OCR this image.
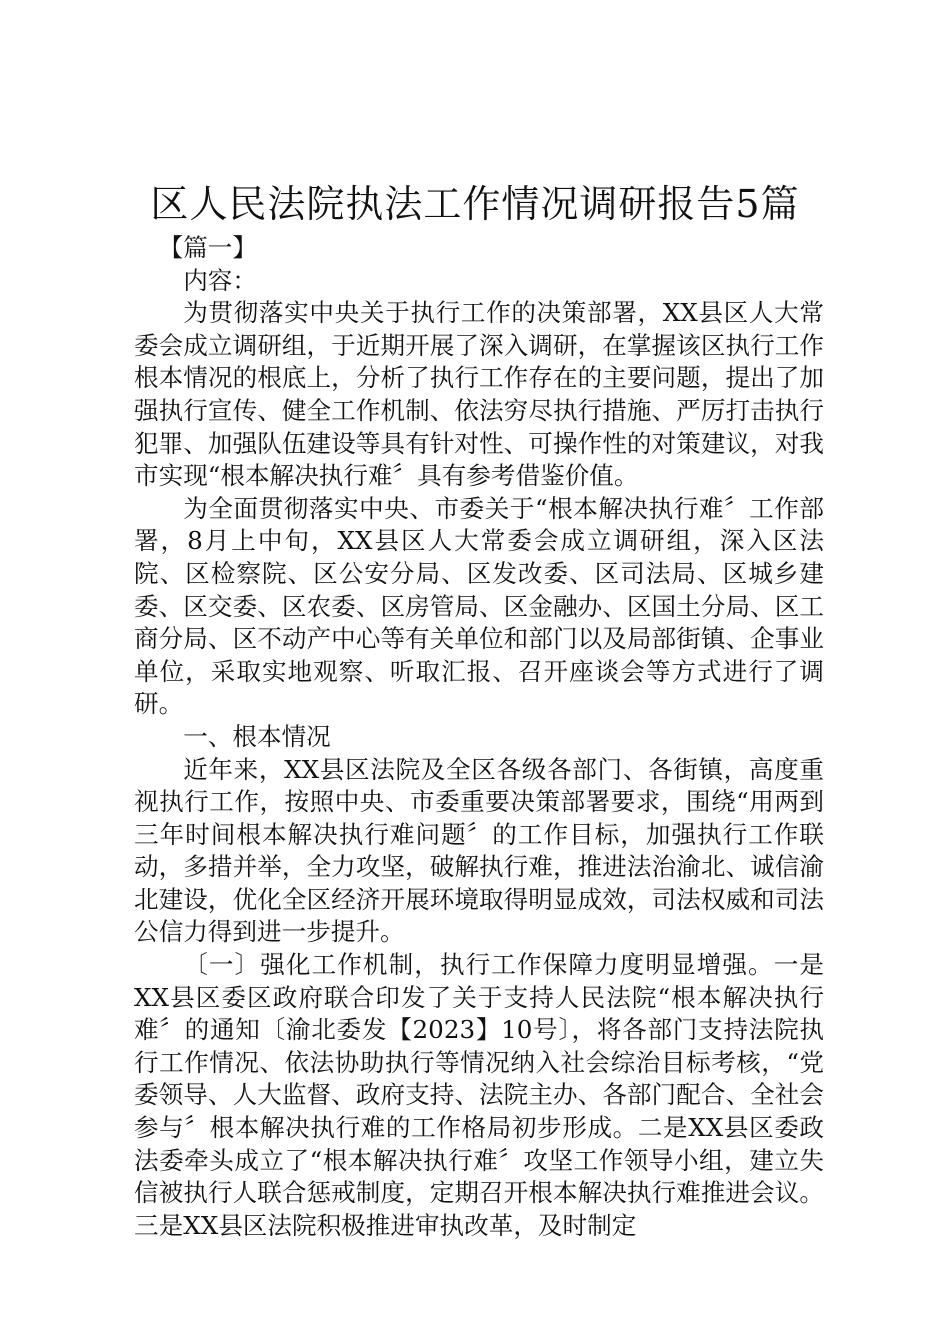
区人民法院执法工作情况调研报告5篇

【篇一】

内容：

为贯彻落实中央关于执行工作的决策部署，XX县区人大常委会成立调研组，于近期开展了深入调研，在掌握该区执行工作根本情况的根底上，分析了执行工作存在的主要问题，提出了加强执行宣传、健全工作机制、依法穷尽执行措施、严厉打击执行犯罪、加强队伍建设等具有针对性、可操作性的对策建议，对我市实现“根本解决执行难〞具有参考借鉴价值。

为全面贯彻落实中央、市委关于“根本解决执行难〞工作部署，8月上中旬，XX县区人大常委会成立调研组，深入区法院、区检察院、区公安分局、区发改委、区司法局、区城乡建委、区交委、区农委、区房管局、区金融办、区国土分局、区工商分局、区不动产中心等有关单位和部门以及局部街镇、企事业单位，采取实地观察、听取汇报、召开座谈会等方式进行了调研。

一、根本情况

近年来，XX县区法院及全区各级各部门、各街镇，高度重视执行工作，按照中央、市委重要决策部署要求，围绕“用两到三年时间根本解决执行难问题〞的工作目标，加强执行工作联动，多措并举，全力攻坚，破解执行难，推进法治渝北、诚信渝北建设，优化全区经济开展环境取得明显成效，司法权威和司法公信力得到进一步提升。

〔一〕强化工作机制，执行工作保障力度明显增强。一是XX县区委区政府联合印发了关于支持人民法院“根本解决执行难〞的通知〔渝北委发【2023】10号〕，将各部门支持法院执行工作情况、依法协助执行等情况纳入社会综治目标考核，“党委领导、人大监督、政府支持、法院主办、各部门配合、全社会参与〞根本解决执行难的工作格局初步形成。二是XX县区委政法委牵头成立了“根本解决执行难〞攻坚工作领导小组，建立失信被执行人联合惩戒制度，定期召开根本解决执行难推进会议。三是XX县区法院积极推进审执改革，及时制定
